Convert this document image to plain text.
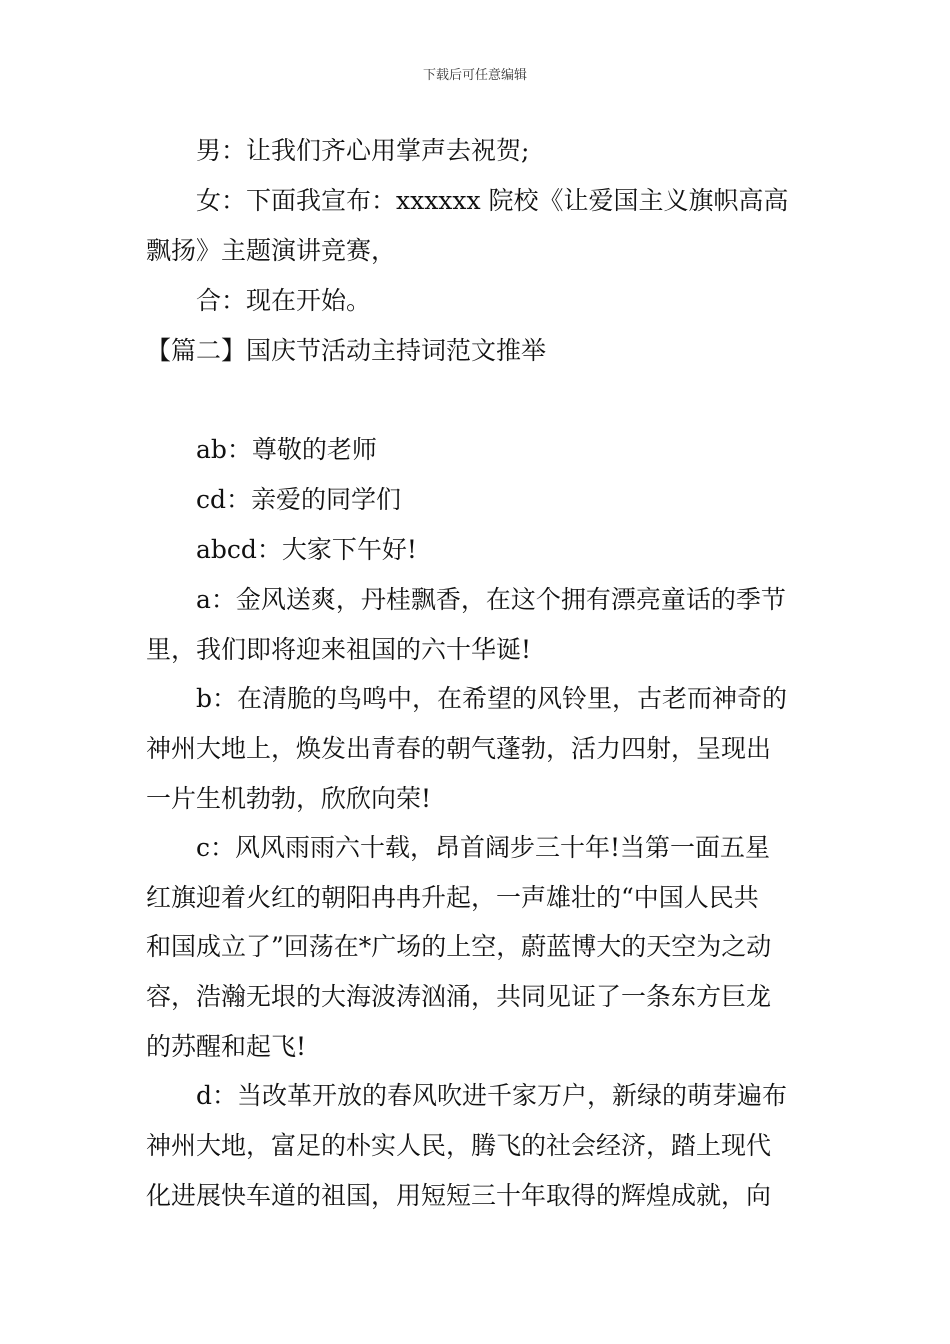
下载后可任意编辑
男：让我们齐心用掌声去祝贺;
女：下面我宣布：xxxxxx 院校《让爱国主义旗帜高高
飘扬》主题演讲竞赛，
合：现在开始。
【篇二】国庆节活动主持词范文推举
ab：尊敬的老师
cd：亲爱的同学们
abcd：大家下午好!
a：金风送爽，丹桂飘香，在这个拥有漂亮童话的季节
里，我们即将迎来祖国的六十华诞!
b：在清脆的鸟鸣中，在希望的风铃里，古老而神奇的
神州大地上，焕发出青春的朝气蓬勃，活力四射，呈现出
一片生机勃勃，欣欣向荣!
c：风风雨雨六十载，昂首阔步三十年!当第一面五星
红旗迎着火红的朝阳冉冉升起，一声雄壮的“中国人民共
和国成立了”回荡在*广场的上空，蔚蓝博大的天空为之动
容，浩瀚无垠的大海波涛汹涌，共同见证了一条东方巨龙
的苏醒和起飞!
d：当改革开放的春风吹进千家万户，新绿的萌芽遍布
神州大地，富足的朴实人民，腾飞的社会经济，踏上现代
化进展快车道的祖国，用短短三十年取得的辉煌成就，向
